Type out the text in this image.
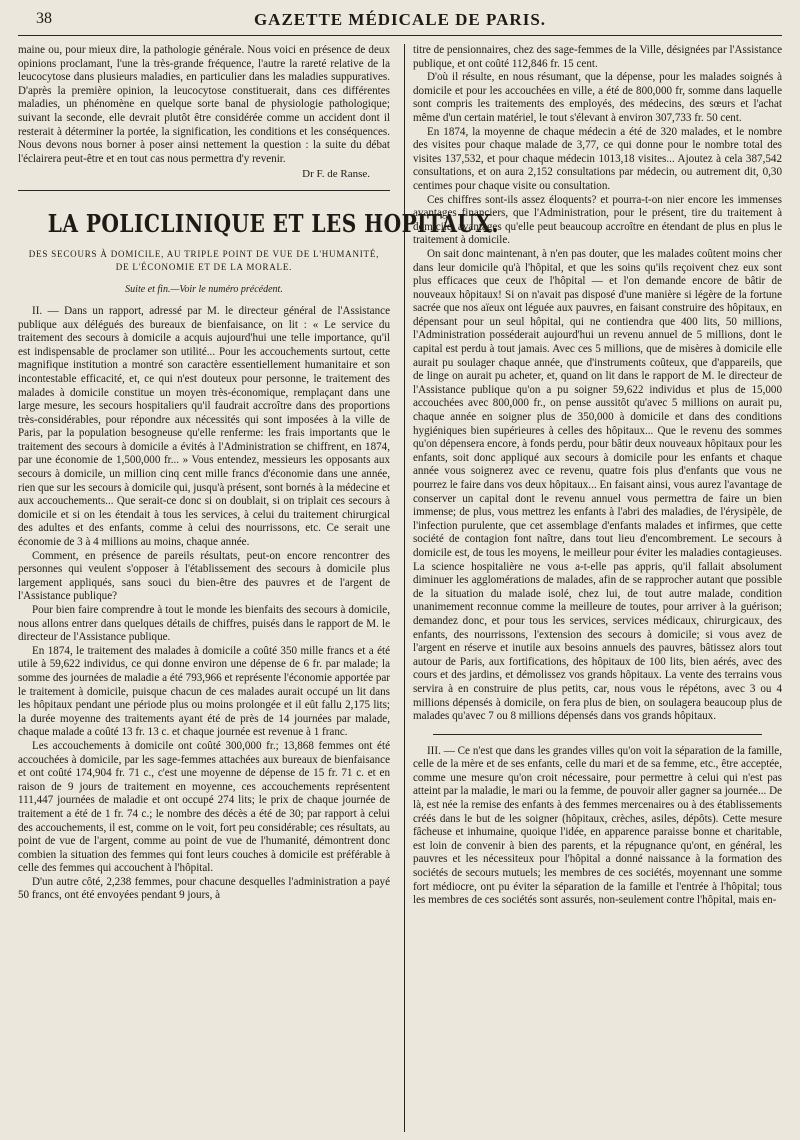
38	GAZETTE MÉDICALE DE PARIS.

maine ou, pour mieux dire, la pathologie générale. Nous voici en présence de deux opinions proclamant, l'une la très-grande fréquence, l'autre la rareté relative de la leucocytose dans plusieurs maladies, en particulier dans les maladies suppuratives. D'après la première opinion, la leucocytose constituerait, dans ces différentes maladies, un phénomène en quelque sorte banal de physiologie pathologique; suivant la seconde, elle devrait plutôt être considérée comme un accident dont il resterait à déterminer la portée, la signification, les conditions et les conséquences. Nous devons nous borner à poser ainsi nettement la question : la suite du débat l'éclairera peut-être et en tout cas nous permettra d'y revenir.

Dr F. de Ranse.

LA POLICLINIQUE ET LES HOPITAUX.
DES SECOURS À DOMICILE, AU TRIPLE POINT DE VUE DE L'HUMANITÉ, DE L'ÉCONOMIE ET DE LA MORALE.
Suite et fin.—Voir le numéro précédent.

II. — Dans un rapport, adressé par M. le directeur général de l'Assistance publique aux délégués des bureaux de bienfaisance, on lit : « Le service du traitement des secours à domicile a acquis aujourd'hui une telle importance, qu'il est indispensable de proclamer son utilité... Pour les accouchements surtout, cette magnifique institution a montré son caractère essentiellement humanitaire et son incontestable efficacité, et, ce qui n'est douteux pour personne, le traitement des malades à domicile constitue un moyen très-économique, remplaçant dans une large mesure, les secours hospitaliers qu'il faudrait accroître dans des proportions très-considérables, pour répondre aux nécessités qui sont imposées à la ville de Paris, par la population besogneuse qu'elle renferme: les frais importants que le traitement des secours à domicile a évités à l'Administration se chiffrent, en 1874, par une économie de 1,500,000 fr... » Vous entendez, messieurs les opposants aux secours à domicile, un million cinq cent mille francs d'économie dans une année, rien que sur les secours à domicile qui, jusqu'à présent, sont bornés à la médecine et aux accouchements... Que serait-ce donc si on doublait, si on triplait ces secours à domicile et si on les étendait à tous les services, à celui du traitement chirurgical des adultes et des enfants, comme à celui des nourrissons, etc. Ce serait une économie de 3 à 4 millions au moins, chaque année.

Comment, en présence de pareils résultats, peut-on encore rencontrer des personnes qui veulent s'opposer à l'établissement des secours à domicile plus largement appliqués, sans souci du bien-être des pauvres et de l'argent de l'Assistance publique?

Pour bien faire comprendre à tout le monde les bienfaits des secours à domicile, nous allons entrer dans quelques détails de chiffres, puisés dans le rapport de M. le directeur de l'Assistance publique.

En 1874, le traitement des malades à domicile a coûté 350 mille francs et a été utile à 59,622 individus, ce qui donne environ une dépense de 6 fr. par malade; la somme des journées de maladie a été 793,966 et représente l'économie apportée par le traitement à domicile, puisque chacun de ces malades aurait occupé un lit dans les hôpitaux pendant une période plus ou moins prolongée et il eût fallu 2,175 lits; la durée moyenne des traitements ayant été de près de 14 journées par malade, chaque malade a coûté 13 fr. 13 c. et chaque journée est revenue à 1 franc.

Les accouchements à domicile ont coûté 300,000 fr.; 13,868 femmes ont été accouchées à domicile, par les sage-femmes attachées aux bureaux de bienfaisance et ont coûté 174,904 fr. 71 c., c'est une moyenne de dépense de 15 fr. 71 c. et en raison de 9 jours de traitement en moyenne, ces accouchements représentent 111,447 journées de maladie et ont occupé 274 lits; le prix de chaque journée de traitement a été de 1 fr. 74 c.; le nombre des décès a été de 30; par rapport à celui des accouchements, il est, comme on le voit, fort peu considérable; ces résultats, au point de vue de l'argent, comme au point de vue de l'humanité, démontrent donc combien la situation des femmes qui font leurs couches à domicile est préférable à celle des femmes qui accouchent à l'hôpital.

D'un autre côté, 2,238 femmes, pour chacune desquelles l'administration a payé 50 francs, ont été envoyées pendant 9 jours, à

titre de pensionnaires, chez des sage-femmes de la Ville, désignées par l'Assistance publique, et ont coûté 112,846 fr. 15 cent.

D'où il résulte, en nous résumant, que la dépense, pour les malades soignés à domicile et pour les accouchées en ville, a été de 800,000 fr, somme dans laquelle sont compris les traitements des employés, des médecins, des sœurs et l'achat même d'un certain matériel, le tout s'élevant à environ 307,733 fr. 50 cent.

En 1874, la moyenne de chaque médecin a été de 320 malades, et le nombre des visites pour chaque malade de 3,77, ce qui donne pour le nombre total des visites 137,532, et pour chaque médecin 1013,18 visites... Ajoutez à cela 387,542 consultations, et on aura 2,152 consultations par médecin, ou autrement dit, 0,30 centimes pour chaque visite ou consultation.

Ces chiffres sont-ils assez éloquents? et pourra-t-on nier encore les immenses avantages financiers, que l'Administration, pour le présent, tire du traitement à domicile, avantages qu'elle peut beaucoup accroître en étendant de plus en plus le traitement à domicile.

On sait donc maintenant, à n'en pas douter, que les malades coûtent moins cher dans leur domicile qu'à l'hôpital, et que les soins qu'ils reçoivent chez eux sont plus efficaces que ceux de l'hôpital — et l'on demande encore de bâtir de nouveaux hôpitaux! Si on n'avait pas disposé d'une manière si légère de la fortune sacrée que nos aïeux ont léguée aux pauvres, en faisant construire des hôpitaux, en dépensant pour un seul hôpital, qui ne contiendra que 400 lits, 50 millions, l'Administration posséderait aujourd'hui un revenu annuel de 5 millions, dont le capital est perdu à tout jamais. Avec ces 5 millions, que de misères à domicile elle aurait pu soulager chaque année, que d'instruments coûteux, que d'appareils, que de linge on aurait pu acheter, et, quand on lit dans le rapport de M. le directeur de l'Assistance publique qu'on a pu soigner 59,622 individus et plus de 15,000 accouchées avec 800,000 fr., on pense aussitôt qu'avec 5 millions on aurait pu, chaque année en soigner plus de 350,000 à domicile et dans des conditions hygiéniques bien supérieures à celles des hôpitaux... Que le revenu des sommes qu'on dépensera encore, à fonds perdu, pour bâtir deux nouveaux hôpitaux pour les enfants, soit donc appliqué aux secours à domicile pour les enfants et chaque année vous soignerez avec ce revenu, quatre fois plus d'enfants que vous ne pourrez le faire dans vos deux hôpitaux... En faisant ainsi, vous aurez l'avantage de conserver un capital dont le revenu annuel vous permettra de faire un bien immense; de plus, vous mettrez les enfants à l'abri des maladies, de l'érysipèle, de l'infection purulente, que cet assemblage d'enfants malades et infirmes, que cette société de contagion font naître, dans tout lieu d'encombrement. Le secours à domicile est, de tous les moyens, le meilleur pour éviter les maladies contagieuses. La science hospitalière ne vous a-t-elle pas appris, qu'il fallait absolument diminuer les agglomérations de malades, afin de se rapprocher autant que possible de la situation du malade isolé, chez lui, de tout autre malade, condition unanimement reconnue comme la meilleure de toutes, pour arriver à la guérison; demandez donc, et pour tous les services, services médicaux, chirurgicaux, des enfants, des nourrissons, l'extension des secours à domicile; si vous avez de l'argent en réserve et inutile aux besoins annuels des pauvres, bâtissez alors tout autour de Paris, aux fortifications, des hôpitaux de 100 lits, bien aérés, avec des cours et des jardins, et démolissez vos grands hôpitaux. La vente des terrains vous servira à en construire de plus petits, car, nous vous le répétons, avec 3 ou 4 millions dépensés à domicile, on fera plus de bien, on soulagera beaucoup plus de malades qu'avec 7 ou 8 millions dépensés dans vos grands hôpitaux.

III. — Ce n'est que dans les grandes villes qu'on voit la séparation de la famille, celle de la mère et de ses enfants, celle du mari et de sa femme, etc., être acceptée, comme une mesure qu'on croit nécessaire, pour permettre à celui qui n'est pas atteint par la maladie, le mari ou la femme, de pouvoir aller gagner sa journée... De là, est née la remise des enfants à des femmes mercenaires ou à des établissements créés dans le but de les soigner (hôpitaux, crèches, asiles, dépôts). Cette mesure fâcheuse et inhumaine, quoique l'idée, en apparence paraisse bonne et charitable, est loin de convenir à bien des parents, et la répugnance qu'ont, en général, les pauvres et les nécessiteux pour l'hôpital a donné naissance à la formation des sociétés de secours mutuels; les membres de ces sociétés, moyennant une somme fort médiocre, ont pu éviter la séparation de la famille et l'entrée à l'hôpital; tous les membres de ces sociétés sont assurés, non-seulement contre l'hôpital, mais en-
